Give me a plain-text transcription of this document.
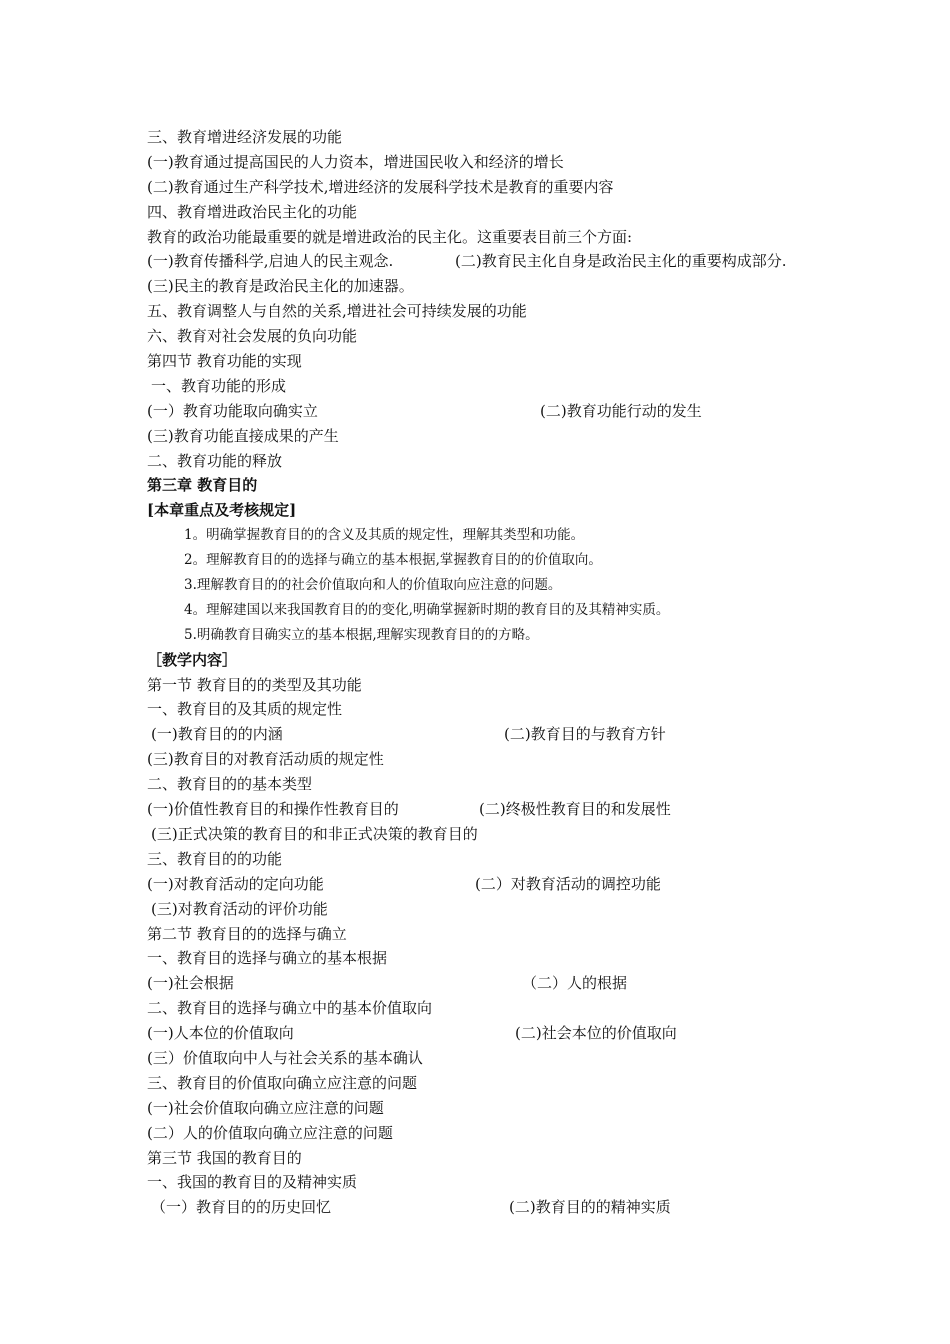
三、教育增进经济发展的功能
(一)教育通过提高国民的人力资本，增进国民收入和经济的增长
(二)教育通过生产科学技术,增进经济的发展科学技术是教育的重要内容
四、教育增进政治民主化的功能
教育的政治功能最重要的就是增进政治的民主化。这重要表目前三个方面:
(一)教育传播科学,启迪人的民主观念.	(二)教育民主化自身是政治民主化的重要构成部分.
(三)民主的教育是政治民主化的加速器。
五、教育调整人与自然的关系,增进社会可持续发展的功能
六、教育对社会发展的负向功能
第四节 教育功能的实现
一、教育功能的形成
(一）教育功能取向确实立	(二)教育功能行动的发生
(三)教育功能直接成果的产生
二、教育功能的释放
第三章 教育目的
[本章重点及考核规定]
1。明确掌握教育目的的含义及其质的规定性，理解其类型和功能。
2。理解教育目的的选择与确立的基本根据,掌握教育目的的价值取向。
3.理解教育目的的社会价值取向和人的价值取向应注意的问题。
4。理解建国以来我国教育目的的变化,明确掌握新时期的教育目的及其精神实质。
5.明确教育目确实立的基本根据,理解实现教育目的的方略。
［教学内容］
第一节 教育目的的类型及其功能
一、教育目的及其质的规定性
(一)教育目的的内涵	(二)教育目的与教育方针
(三)教育目的对教育活动质的规定性
二、教育目的的基本类型
(一)价值性教育目的和操作性教育目的	(二)终极性教育目的和发展性
(三)正式决策的教育目的和非正式决策的教育目的
三、教育目的的功能
(一)对教育活动的定向功能	(二）对教育活动的调控功能
(三)对教育活动的评价功能
第二节 教育目的的选择与确立
一、教育目的选择与确立的基本根据
(一)社会根据	（二）人的根据
二、教育目的选择与确立中的基本价值取向
(一)人本位的价值取向	(二)社会本位的价值取向
(三）价值取向中人与社会关系的基本确认
三、教育目的价值取向确立应注意的问题
(一)社会价值取向确立应注意的问题
(二）人的价值取向确立应注意的问题
第三节 我国的教育目的
一、我国的教育目的及精神实质
（一）教育目的的历史回忆	(二)教育目的的精神实质
